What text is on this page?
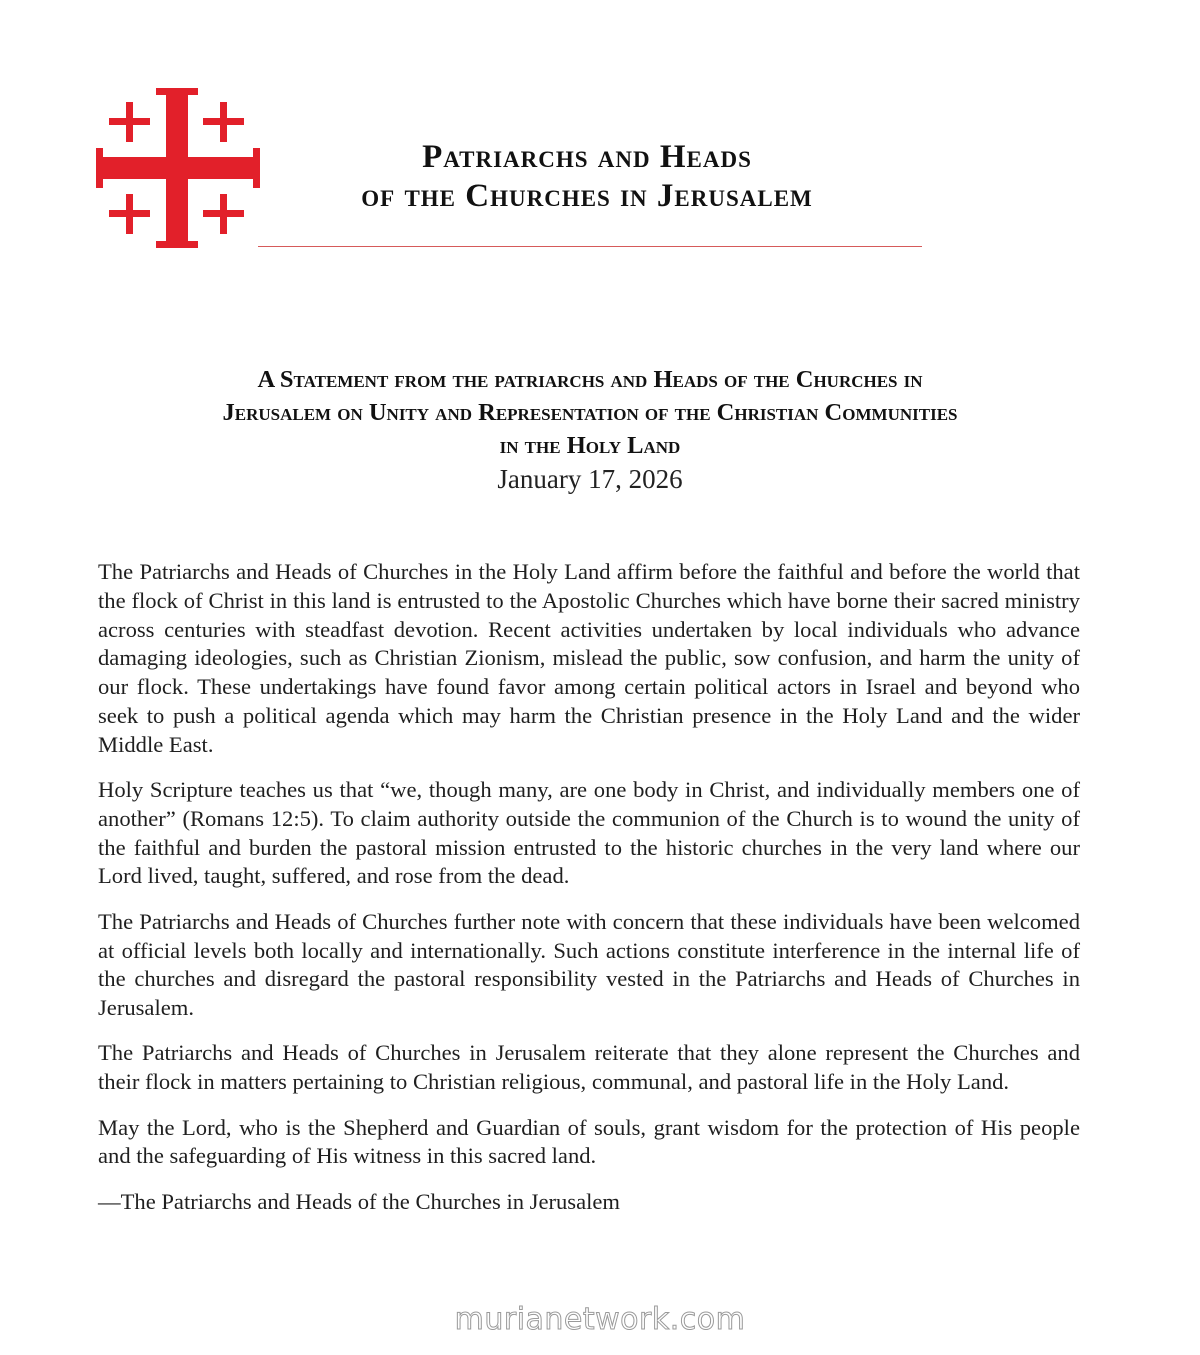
Patriarchs and Heads
of the Churches in Jerusalem
A Statement from the patriarchs and Heads of the Churches in
Jerusalem on Unity and Representation of the Christian Communities
in the Holy Land
January 17, 2026

The Patriarchs and Heads of Churches in the Holy Land affirm before the faithful and before the world that the flock of Christ in this land is entrusted to the Apostolic Churches which have borne their sacred ministry across centuries with steadfast devotion. Recent activities undertaken by local individuals who advance damaging ideologies, such as Christian Zionism, mislead the public, sow confusion, and harm the unity of our flock. These undertakings have found favor among certain political actors in Israel and beyond who seek to push a political agenda which may harm the Christian presence in the Holy Land and the wider Middle East.

Holy Scripture teaches us that “we, though many, are one body in Christ, and individually members one of another” (Romans 12:5). To claim authority outside the communion of the Church is to wound the unity of the faithful and burden the pastoral mission entrusted to the historic churches in the very land where our Lord lived, taught, suffered, and rose from the dead.

The Patriarchs and Heads of Churches further note with concern that these individuals have been welcomed at official levels both locally and internationally. Such actions constitute interference in the internal life of the churches and disregard the pastoral responsibility vested in the Patriarchs and Heads of Churches in Jerusalem.

The Patriarchs and Heads of Churches in Jerusalem reiterate that they alone represent the Churches and their flock in matters pertaining to Christian religious, communal, and pastoral life in the Holy Land.

May the Lord, who is the Shepherd and Guardian of souls, grant wisdom for the protection of His people and the safeguarding of His witness in this sacred land.

—The Patriarchs and Heads of the Churches in Jerusalem

murianetwork.com
